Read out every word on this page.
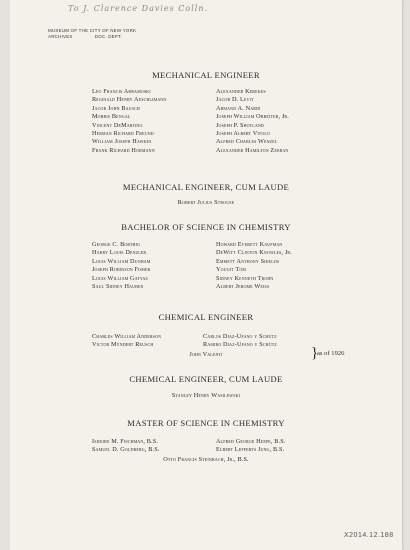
To J. Clarence Davies Colln.
MUSEUM OF THE CITY OF NEW YORK
ARCHIVES	DOC. DEPT.
MECHANICAL ENGINEER
Leo Francis Abramoski
Reginald Henry Aeschlimann
Jacob John Bausch
Morris Bengal
Vincent DeMartino
Herman Richard Freund
William Joseph Hawkes
Frank Richard Hormann
Alexander Kerekes
Jacob D. Levit
Armand A. Nardi
Joseph William Obreiter, Jr.
Joseph P. Shotland
Joseph Albert Vitolo
Alfred Charles Wenzel
Alexander Hamilton Zeeban
MECHANICAL ENGINEER, CUM LAUDE
Robert Julius Strouse
BACHELOR OF SCIENCE IN CHEMISTRY
George C. Borthig
Harry Louis Denzler
Louis William Dunham
Joseph Robinson Fisher
Louis William Gatyas
Saul Sidney Hauben
Howard Everett Kaufman
DeWitt Clinton Knowles, Jr.
Emmett Anthony Shields
Yougit Tom
Sidney Kenneth Trohn
Albert Jerome Weiss
CHEMICAL ENGINEER
Charles William Anderson
Victor Myndert Reusch
Carlos Diaz-Ufano y Schütz
Ramiro Diaz-Ufano y Schütz
}
as of 1926
John Valenti
CHEMICAL ENGINEER, CUM LAUDE
Stanley Henry Wasilewski
MASTER OF SCIENCE IN CHEMISTRY
Isidore M. Fischman, B.S.
Samuel D. Goldberg, B.S.
Alfred George Heepe, B.S.
Elbert Lefferts Jung, B.S.
Otto Francis Steinbach, Jr., B.S.
X2014.12.188
